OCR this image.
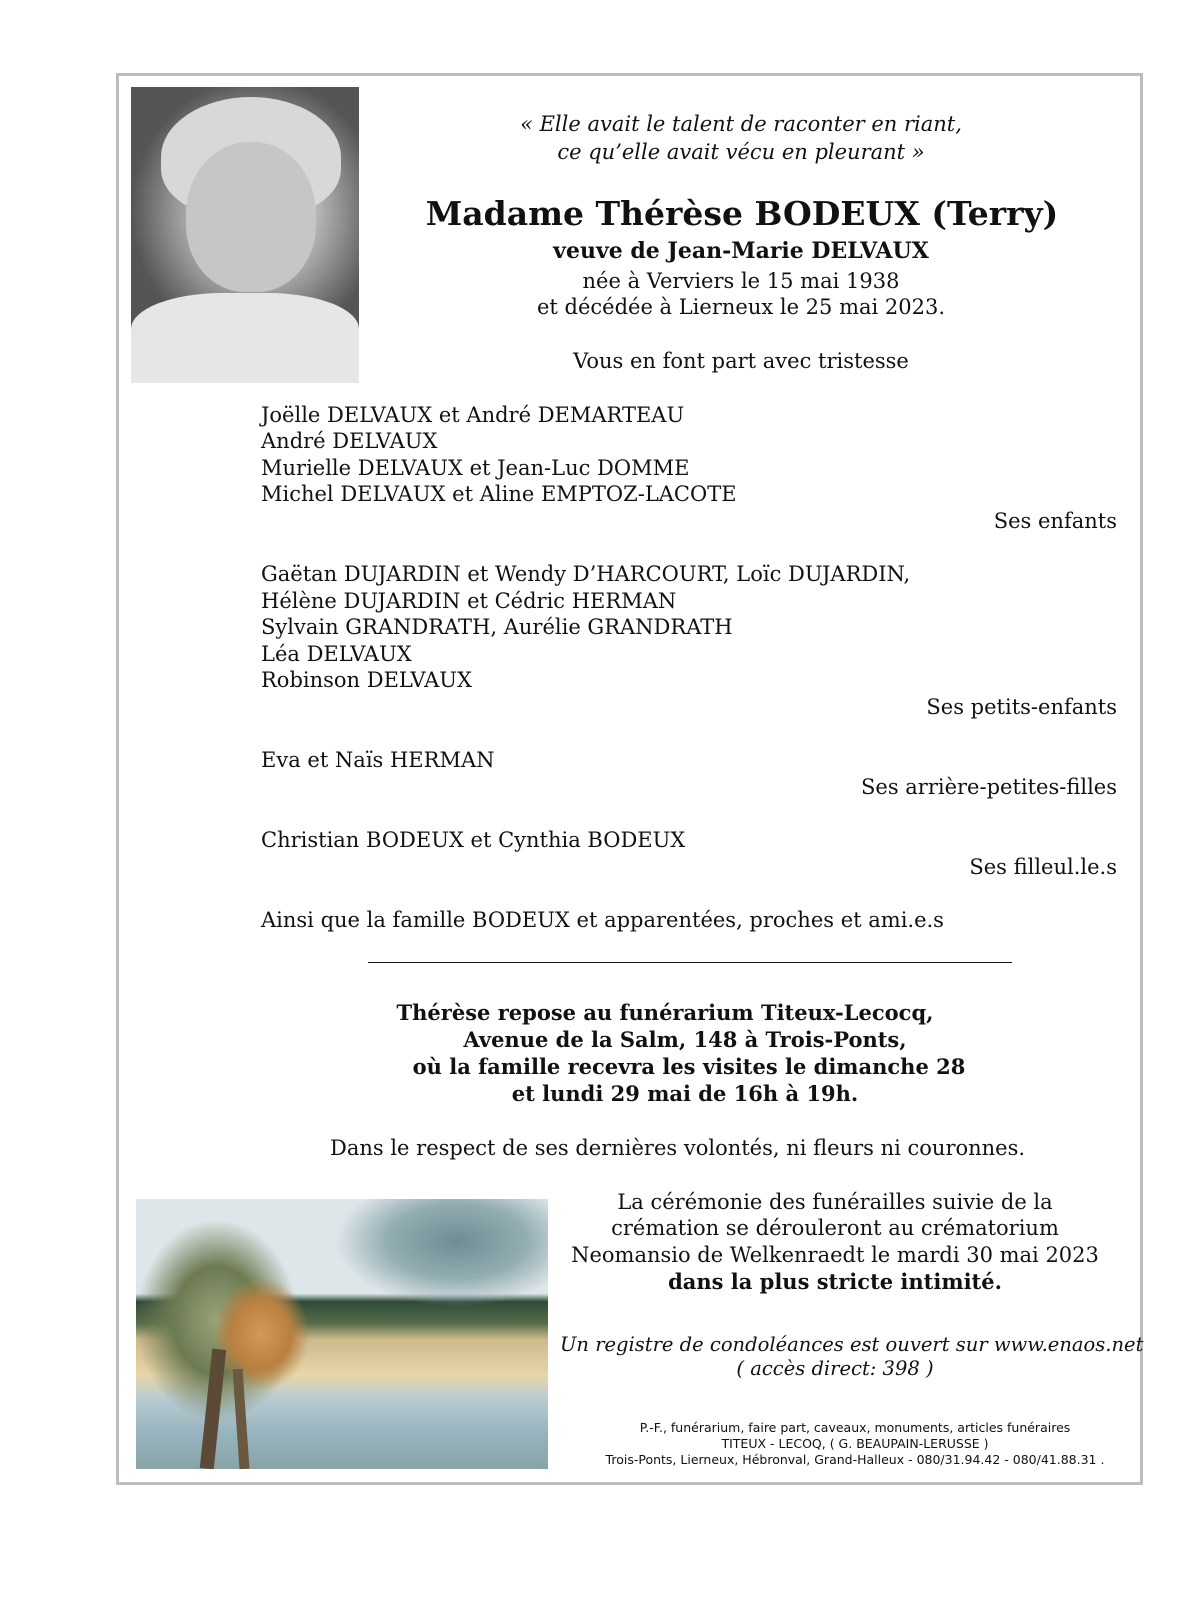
« Elle avait le talent de raconter en riant,
ce qu’elle avait vécu en pleurant »
Madame Thérèse BODEUX (Terry)
veuve de Jean-Marie DELVAUX
née à Verviers le 15 mai 1938
et décédée à Lierneux le 25 mai 2023.
Vous en font part avec tristesse
Joëlle DELVAUX et André DEMARTEAU
André DELVAUX
Murielle DELVAUX et Jean-Luc DOMME
Michel DELVAUX et Aline EMPTOZ-LACOTE
Ses enfants
Gaëtan DUJARDIN et Wendy D’HARCOURT, Loïc DUJARDIN,
Hélène DUJARDIN et Cédric HERMAN
Sylvain GRANDRATH, Aurélie GRANDRATH
Léa DELVAUX
Robinson DELVAUX
Ses petits-enfants
Eva et Naïs HERMAN
Ses arrière-petites-filles
Christian BODEUX et Cynthia BODEUX
Ses filleul.le.s
Ainsi que la famille BODEUX et apparentées, proches et ami.e.s
Thérèse repose au funérarium Titeux-Lecocq,
Avenue de la Salm, 148 à Trois-Ponts,
où la famille recevra les visites le dimanche 28
et lundi 29 mai de 16h à 19h.
Dans le respect de ses dernières volontés, ni fleurs ni couronnes.
La cérémonie des funérailles suivie de la
crémation se dérouleront au crématorium
Neomansio de Welkenraedt le mardi 30 mai 2023
dans la plus stricte intimité.
Un registre de condoléances est ouvert sur www.enaos.net
( accès direct: 398 )
P.-F., funérarium, faire part, caveaux, monuments, articles funéraires
TITEUX - LECOQ, ( G. BEAUPAIN-LERUSSE )
Trois-Ponts, Lierneux, Hébronval, Grand-Halleux - 080/31.94.42 - 080/41.88.31 .
